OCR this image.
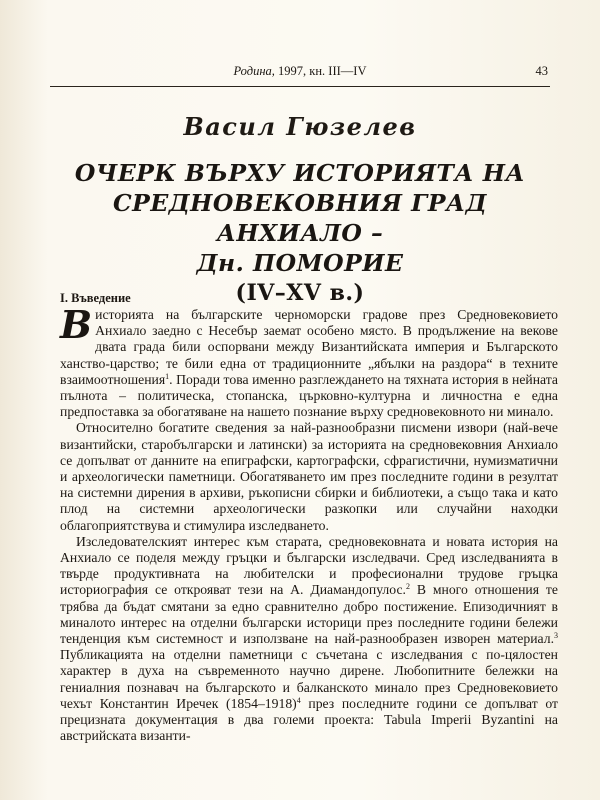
Родина, 1997, кн. III—IV	43
Васил Гюзелев
ОЧЕРК ВЪРХУ ИСТОРИЯТА НА
СРЕДНОВЕКОВНИЯ ГРАД АНХИАЛО –
Дн. ПОМОРИЕ
(IV–XV в.)
I. Въведение

Висторията на българските черноморски градове през Средновековието Анхиало заедно с Несебър заемат особено място. В продължение на векове двата града били оспорвани между Византийската империя и Българското ханство-царство; те били една от традиционните „ябълки на раздора“ в техните взаимоотношения$^1$. Поради това именно разглеждането на тяхната история в нейната пълнота – политическа, стопанска, църковно-културна и личностна е една предпоставка за обогатяване на нашето познание върху средновековното ни минало.

Относително богатите сведения за най-разнообразни писмени извори (най-вече византийски, старобългарски и латински) за историята на средновековния Анхиало се допълват от данните на епиграфски, картографски, сфрагистични, нумизматични и археологически паметници. Обогатяването им през последните години в резултат на системни дирения в архиви, ръкописни сбирки и библиотеки, а също така и като плод на системни археологически разкопки или случайни находки облагоприятствува и стимулира изследването.

Изследователският интерес към старата, средновековната и новата история на Анхиало се поделя между гръцки и български изследвачи. Сред изследванията в твърде продуктивната на любителски и професионални трудове гръцка историография се открояват тези на А. Диамандопулос.$^2$ В много отношения те трябва да бъдат смятани за едно сравнително добро постижение. Епизодичният в миналото интерес на отделни български историци през последните години бележи тенденция към системност и използване на най-разнообразен изворен материал.$^3$ Публикацията на отделни паметници с съчетана с изследвания с по-цялостен характер в духа на съвременното научно дирене. Любопитните бележки на гениалния познавач на българското и балканското минало през Средновековието чехът Константин Иречек (1854–1918)$^4$ през последните години се допълват от прецизната документация в два големи проекта: Tabula Imperii Byzantini на австрийската византи-
